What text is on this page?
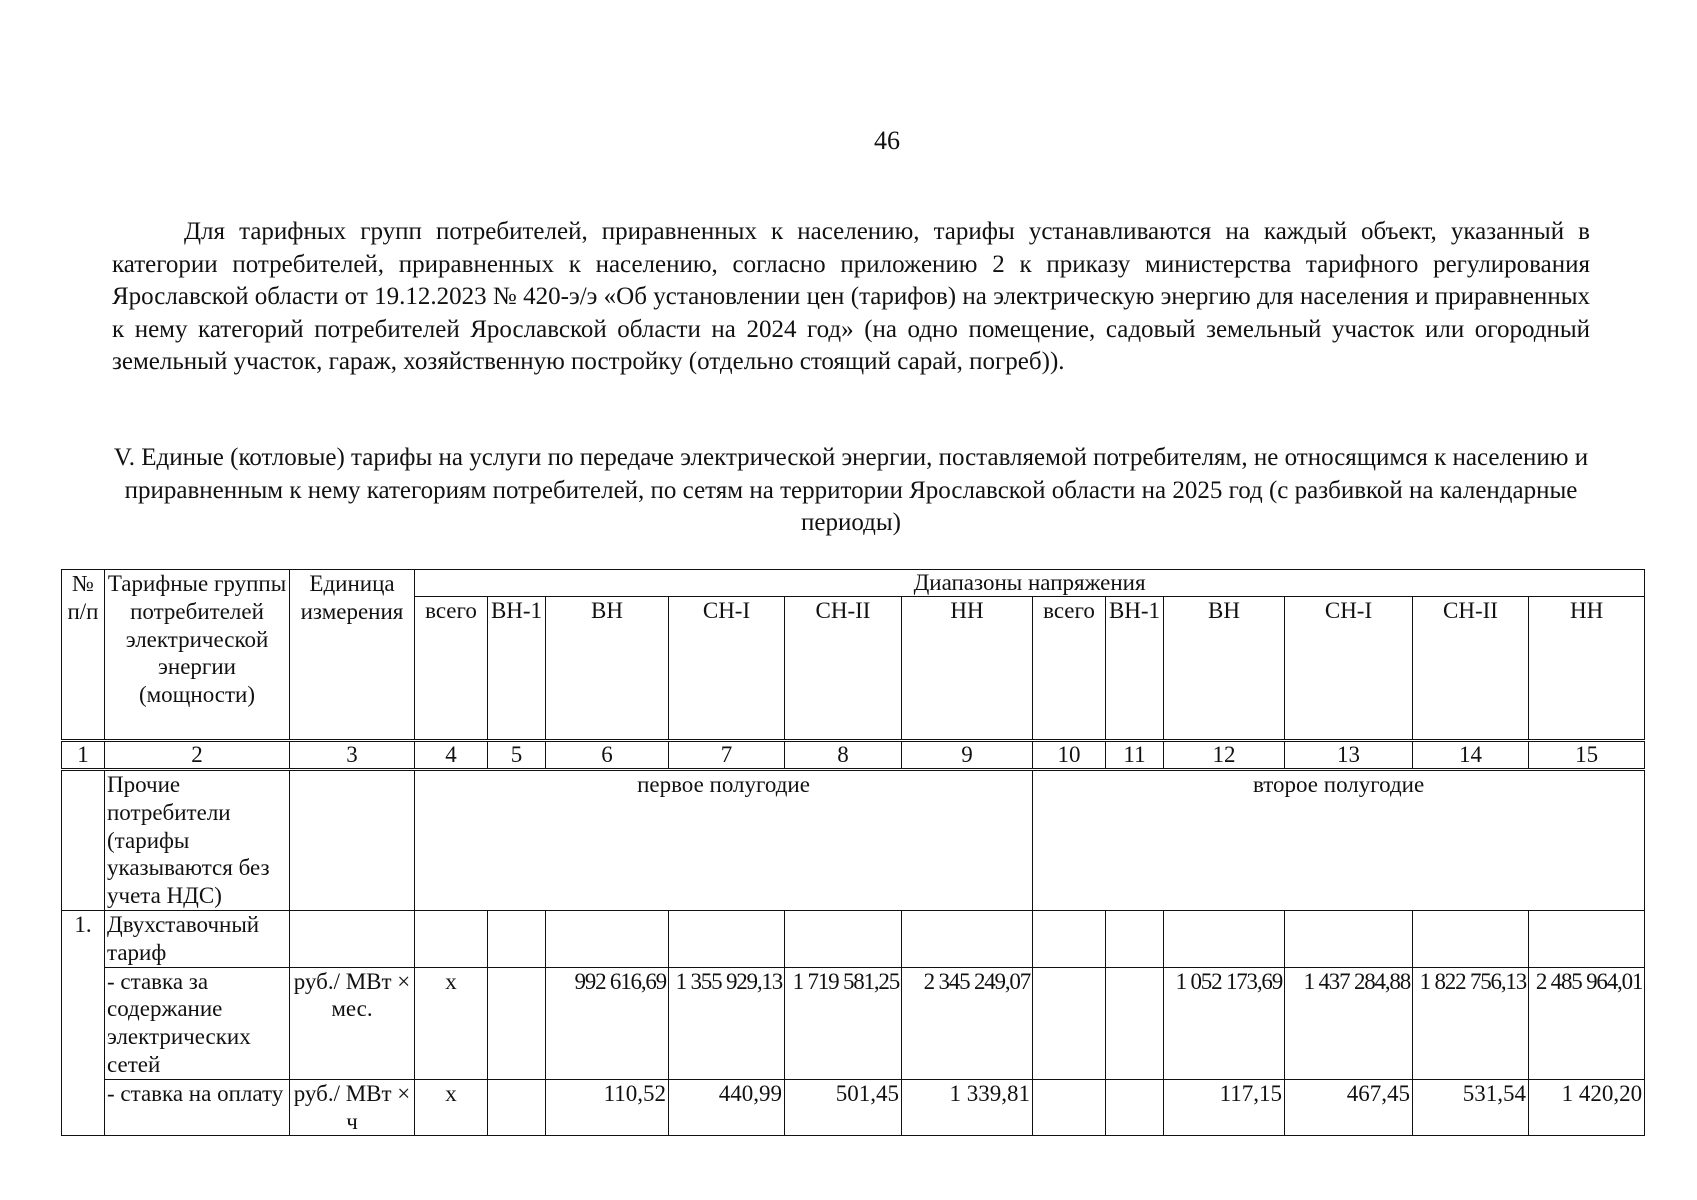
46

Для тарифных групп потребителей, приравненных к населению, тарифы устанавливаются на каждый объект, указанный в категории потребителей, приравненных к населению, согласно приложению 2 к приказу министерства тарифного регулирования Ярославской области от 19.12.2023 № 420-э/э «Об установлении цен (тарифов) на электрическую энергию для населения и приравненных к нему категорий потребителей Ярославской области на 2024 год» (на одно помещение, садовый земельный участок или огородный земельный участок, гараж, хозяйственную постройку (отдельно стоящий сарай, погреб)).

V. Единые (котловые) тарифы на услуги по передаче электрической энергии, поставляемой потребителям, не относящимся к населению и приравненным к нему категориям потребителей, по сетям на территории Ярославской области на 2025 год (с разбивкой на календарные периоды)

№ п/п	Тарифные группы потребителей электрической энергии (мощности)	Единица измерения	Диапазоны напряжения											
			всего	ВН-1	ВН	СН-I	СН-II	НН	всего	ВН-1	ВН	СН-I	СН-II	НН
1	2	3	4	5	6	7	8	9	10	11	12	13	14	15
	Прочие потребители (тарифы указываются без учета НДС)		первое полугодие						второе полугодие					
1.	Двухставочный тариф													
	- ставка за содержание электрических сетей	руб./ МВт × мес.	x		992 616,69	1 355 929,13	1 719 581,25	2 345 249,07			1 052 173,69	1 437 284,88	1 822 756,13	2 485 964,01
	- ставка на оплату	руб./ МВт × ч	x		110,52	440,99	501,45	1 339,81			117,15	467,45	531,54	1 420,20
